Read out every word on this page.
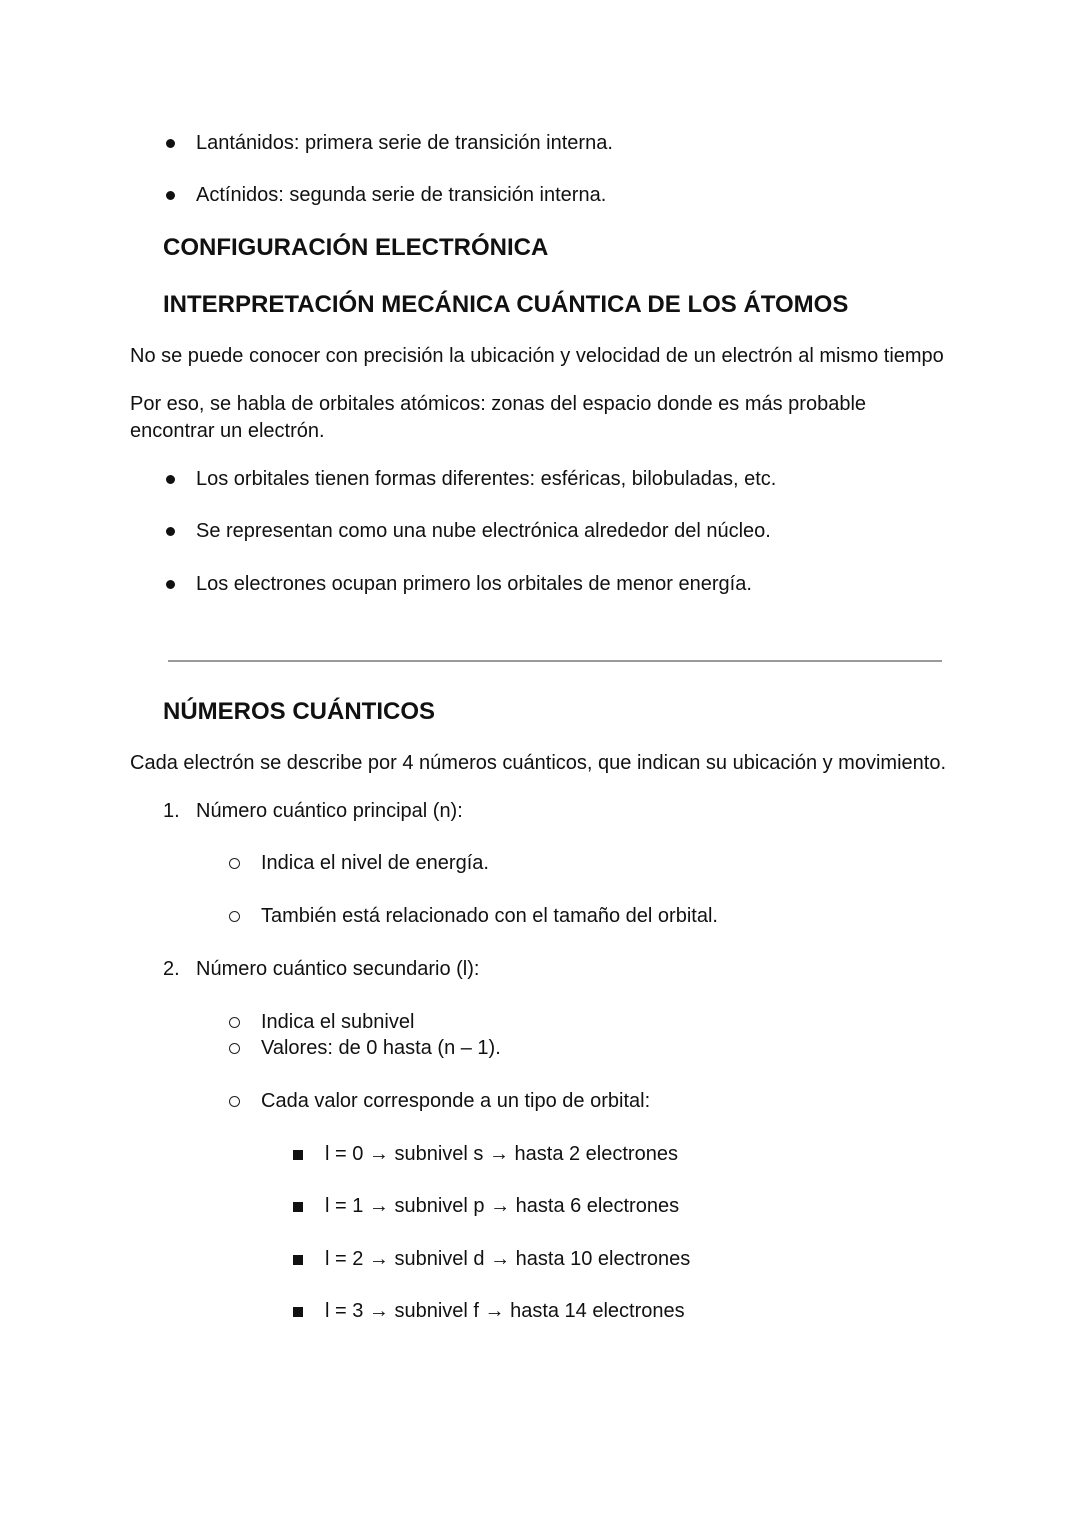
Lantánidos: primera serie de transición interna.
Actínidos: segunda serie de transición interna.
CONFIGURACIÓN ELECTRÓNICA
INTERPRETACIÓN MECÁNICA CUÁNTICA DE LOS ÁTOMOS
No se puede conocer con precisión la ubicación y velocidad de un electrón al mismo tiempo
Por eso, se habla de orbitales atómicos: zonas del espacio donde es más probable
encontrar un electrón.
Los orbitales tienen formas diferentes: esféricas, bilobuladas, etc.
Se representan como una nube electrónica alrededor del núcleo.
Los electrones ocupan primero los orbitales de menor energía.
NÚMEROS CUÁNTICOS
Cada electrón se describe por 4 números cuánticos, que indican su ubicación y movimiento.
1. Número cuántico principal (n):
Indica el nivel de energía.
También está relacionado con el tamaño del orbital.
2. Número cuántico secundario (l):
Indica el subnivel
Valores: de 0 hasta (n – 1).
Cada valor corresponde a un tipo de orbital:
l = 0 → subnivel s → hasta 2 electrones
l = 1 → subnivel p → hasta 6 electrones
l = 2 → subnivel d → hasta 10 electrones
l = 3 → subnivel f → hasta 14 electrones
